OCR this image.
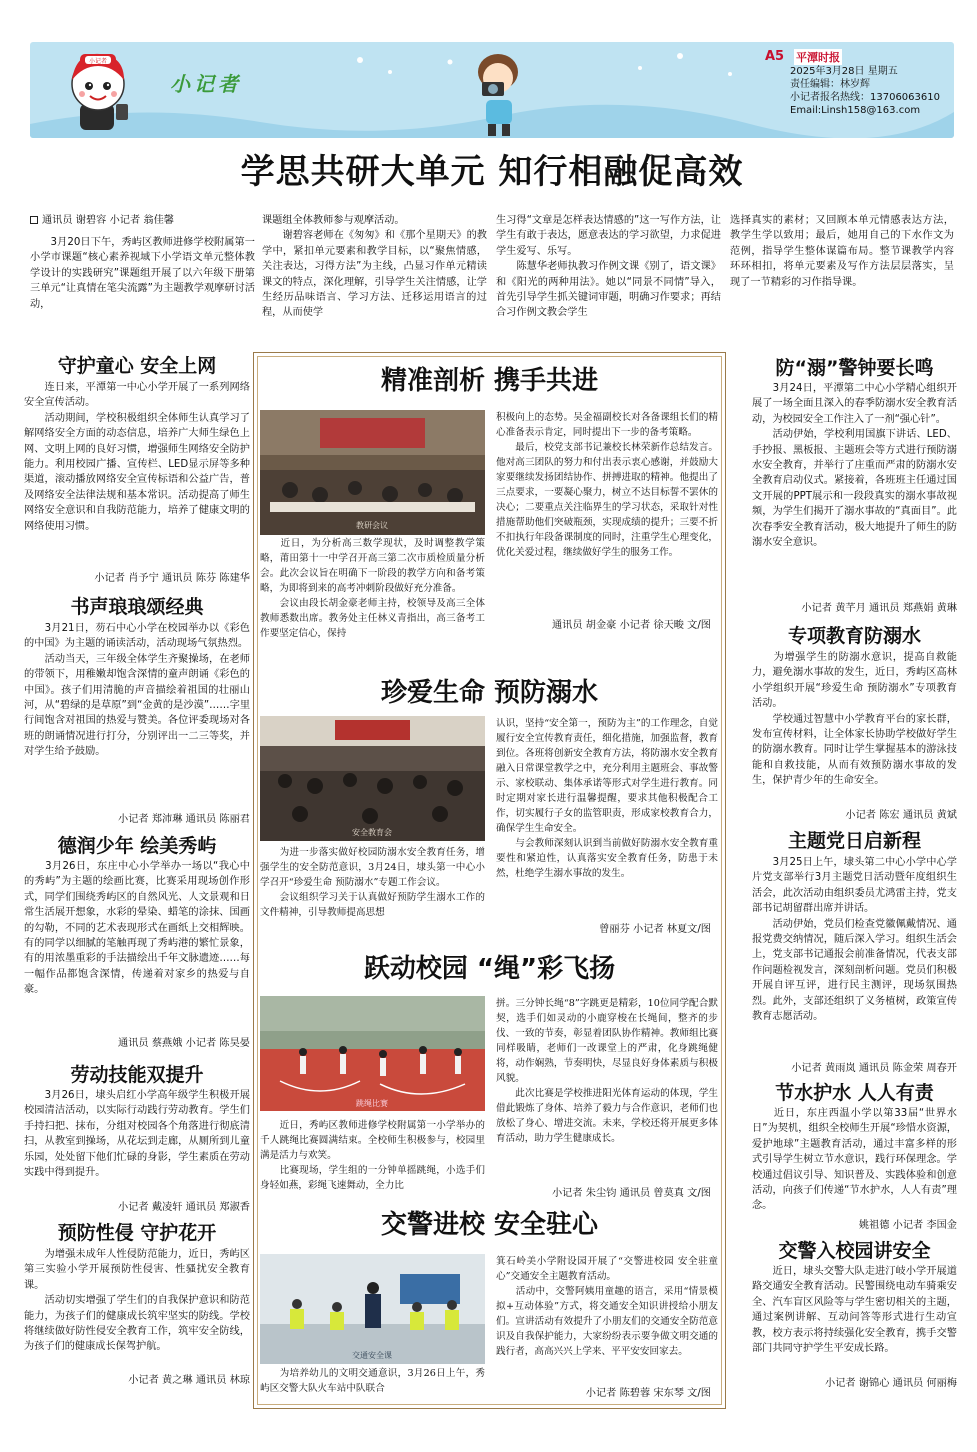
小记者
小记者
A5 平潭时报
2025年3月28日 星期五
责任编辑：林岁辉
小记者报名热线：13706063610
Email:Linsh158@163.com
学思共研大单元 知行相融促高效
通讯员 谢碧容 小记者 翁佳馨
　　3月20日下午，秀屿区教师进修学校附属第一小学市课题“核心素养视域下小学语文单元整体教学设计的实践研究”课题组开展了以六年级下册第三单元“让真情在笔尖流露”为主题教学观摩研讨活动，
课题组全体教师参与观摩活动。
　　谢碧容老师在《匆匆》和《那个星期天》的教学中，紧扣单元要素和教学目标，以“聚焦情感，关注表达，习得方法”为主线，凸显习作单元精读课文的特点，深化理解，引导学生关注情感，让学生经历品味语言、学习方法、迁移运用语言的过程，从而使学
生习得“文章是怎样表达情感的”这一写作方法，让学生有敢于表达，愿意表达的学习欲望，力求促进学生爱写、乐写。
　　陈慧华老师执教习作例文课《别了，语文课》和《阳光的两种用法》。她以“同景不同情”导入，首先引导学生抓关键词审题，明确习作要求；再结合习作例文教会学生
选择真实的素材；又回顾本单元情感表达方法，教学生学以致用；最后，她用自己的下水作文为范例，指导学生整体谋篇布局。整节课教学内容环环相扣，将单元要素及写作方法层层落实，呈现了一节精彩的习作指导课。
守护童心 安全上网
　　连日来，平潭第一中心小学开展了一系列网络安全宣传活动。
　　活动期间，学校积极组织全体师生认真学习了解网络安全方面的动态信息，培养广大师生绿色上网、文明上网的良好习惯，增强师生网络安全防护能力。利用校园广播、宣传栏、LED显示屏等多种渠道，滚动播放网络安全宣传标语和公益广告，普及网络安全法律法规和基本常识。活动提高了师生网络安全意识和自我防范能力，培养了健康文明的网络使用习惯。
小记者 肖予宁 通讯员 陈芬 陈建华
书声琅琅颂经典
　　3月21日，芴石中心小学在校园举办以《彩色的中国》为主题的诵读活动，活动现场气氛热烈。
　　活动当天，三年级全体学生齐聚操场，在老师的带领下，用稚嫩却饱含深情的童声朗诵《彩色的中国》。孩子们用清脆的声音描绘着祖国的壮丽山河，从“碧绿的是草原”到“金黄的是沙漠”……字里行间饱含对祖国的热爱与赞美。各位评委现场对各班的朗诵情况进行打分，分别评出一二三等奖，并对学生给予鼓励。
小记者 郑沛琳 通讯员 陈丽君
德润少年 绘美秀屿
　　3月26日，东庄中心小学举办一场以“我心中的秀屿”为主题的绘画比赛，比赛采用现场创作形式，同学们围绕秀屿区的自然风光、人文景观和日常生活展开想象，水彩的晕染、蜡笔的涂抹、国画的勾勒，不同的艺术表现形式在画纸上交相辉映。有的同学以细腻的笔触再现了秀屿港的繁忙景象，有的用浓墨重彩的手法描绘出千年文脉遗迹……每一幅作品都饱含深情，传递着对家乡的热爱与自豪。
通讯员 蔡燕娥 小记者 陈昊晏
劳动技能双提升
　　3月26日，埭头启红小学高年级学生积极开展校园清洁活动，以实际行动践行劳动教育。学生们手持扫把、抹布，分组对校园各个角落进行彻底清扫，从教室到操场，从花坛到走廊，从厕所到儿童乐园，处处留下他们忙碌的身影，学生素质在劳动实践中得到提升。
小记者 戴凌轩 通讯员 郑淑香
预防性侵 守护花开
　　为增强未成年人性侵防范能力，近日，秀屿区第三实验小学开展预防性侵害、性骚扰安全教育课。
　　活动切实增强了学生们的自我保护意识和防范能力，为孩子们的健康成长筑牢坚实的防线。学校将继续做好防性侵安全教育工作，筑牢安全防线，为孩子们的健康成长保驾护航。
小记者 黄之琳 通讯员 林琼
精准剖析 携手共进
教研会议
　　近日，为分析高三数学现状，及时调整教学策略，莆田第十一中学召开高三第二次市质检质量分析会。此次会议旨在明确下一阶段的教学方向和备考策略，为即将到来的高考冲刺阶段做好充分准备。
　　会议由段长胡金豪老师主持，校领导及高三全体教师悉数出席。教务处主任林义青指出，高三备考工作要坚定信心，保持
积极向上的态势。吴金福副校长对各备课组长们的精心准备表示肯定，同时提出下一步的备考策略。
　　最后，校党支部书记兼校长林荣新作总结发言。他对高三团队的努力和付出表示衷心感谢，并鼓励大家要继续发扬团结协作、拼搏进取的精神。他提出了三点要求，一要凝心聚力，树立不达目标誓不罢休的决心；二要重点关注临界生的学习状态，采取针对性措施帮助他们突破瓶颈，实现成绩的提升；三要不折不扣执行年段备课制度的同时，注重学生心理变化，优化关爱过程，继续做好学生的服务工作。
通讯员 胡金豪 小记者 徐天畯 文/图
珍爱生命 预防溺水
安全教育会
　　为进一步落实做好校园防溺水安全教育任务，增强学生的安全防范意识，3月24日，埭头第一中心小学召开“珍爱生命 预防溺水”专题工作会议。
　　会议组织学习关于认真做好预防学生溺水工作的文件精神，引导教师提高思想
认识，坚持“安全第一，预防为主”的工作理念，自觉履行安全宣传教育责任，细化措施，加强监督，教育到位。各班将创新安全教育方法，将防溺水安全教育融入日常课堂教学之中，充分利用主题班会、事故警示、家校联动、集体承诺等形式对学生进行教育。同时定期对家长进行温馨提醒，要求其他积极配合工作，切实履行子女的监管职责，形成家校教育合力，确保学生生命安全。
　　与会教师深刻认识到当前做好防溺水安全教育重要性和紧迫性，认真落实安全教育任务，防患于未然，杜绝学生溺水事故的发生。
曾丽芬 小记者 林夏文/图
跃动校园 “绳”彩飞扬
跳绳比赛
　　近日，秀屿区教师进修学校附属第一小学举办的千人跳绳比赛圆满结束。全校师生积极参与，校园里满是活力与欢笑。
　　比赛现场，学生组的一分钟单摇跳绳，小选手们身轻如燕，彩绳飞速舞动，全力比
拼。三分钟长绳“8”字跳更是精彩，10位同学配合默契，选手们如灵动的小鹿穿梭在长绳间，整齐的步伐、一致的节奏，彰显着团队协作精神。教师组比赛同样吸睛，老师们一改课堂上的严肃，化身跳绳健将，动作娴熟，节奏明快，尽显良好身体素质与积极风貌。
　　此次比赛是学校推进阳光体育运动的体现，学生借此锻炼了身体、培养了毅力与合作意识，老师们也放松了身心、增进交流。未来，学校还将开展更多体育活动，助力学生健康成长。
小记者 朱尘钧 通讯员 曾莫真 文/图
交警进校 安全驻心
交通安全课
　　为培养幼儿的文明交通意识，3月26日上午，秀屿区交警大队火车站中队联合
箕石岭美小学附设园开展了“交警进校园 安全驻童心”交通安全主题教育活动。
　　活动中，交警阿姨用童趣的语言，采用“情景模拟+互动体验”方式，将交通安全知识讲授给小朋友们。宣讲活动有效提升了小朋友们的交通安全防范意识及自我保护能力，大家纷纷表示要争做文明交通的践行者，高高兴兴上学来、平平安安回家去。
小记者 陈碧蓉 宋东琴 文/图
防“溺”警钟要长鸣
　　3月24日，平潭第二中心小学精心组织开展了一场全面且深入的春季防溺水安全教育活动，为校园安全工作注入了一剂“强心针”。
　　活动伊始，学校利用国旗下讲话、LED、手抄报、黑板报、主题班会等方式进行预防溺水安全教育，并举行了庄重而严肃的防溺水安全教育启动仪式。紧接着，各班班主任通过国文开展的PPT展示和一段段真实的溺水事故视频，为学生们揭开了溺水事故的“真面目”。此次春季安全教育活动，极大地提升了师生的防溺水安全意识。
小记者 黄芊月 通讯员 郑燕娟 黄琳
专项教育防溺水
　　为增强学生的防溺水意识，提高自救能力，避免溺水事故的发生，近日，秀屿区高林小学组织开展“珍爱生命 预防溺水”专项教育活动。
　　学校通过智慧中小学教育平台的家长群，发布宣传材料，让全体家长协助学校做好学生的防溺水教育。同时让学生掌握基本的游泳技能和自救技能，从而有效预防溺水事故的发生，保护青少年的生命安全。
小记者 陈宏 通讯员 黄斌
主题党日启新程
　　3月25日上午，埭头第二中心小学中心学片党支部举行3月主题党日活动暨年度组织生活会，此次活动由组织委员尤鸿雷主持，党支部书记胡留群出席并讲话。
　　活动伊始，党员们检查党徽佩戴情况、通报党费交纳情况，随后深入学习。组织生活会上，党支部书记通报会前准备情况，代表支部作问题检视发言，深刻剖析问题。党员们积极开展自评互评，进行民主测评，现场氛围热烈。此外，支部还组织了义务植树，政策宣传教育志愿活动。
小记者 黄雨岚 通讯员 陈金荣 周春开
节水护水 人人有责
　　近日，东庄西温小学以第33届“世界水日”为契机，组织全校师生开展“珍惜水资源，爱护地球”主题教育活动，通过丰富多样的形式引导学生树立节水意识，践行环保理念。学校通过倡议引导、知识普及、实践体验和创意活动，向孩子们传递“节水护水，人人有责”理念。
姚祖德 小记者 李国金
交警入校园讲安全
　　近日，埭头交警大队走进汀岐小学开展道路交通安全教育活动。民警围绕电动车骑乘安全、汽车盲区风险等与学生密切相关的主题，通过案例讲解、互动问答等形式进行生动宣教，校方表示将持续强化安全教育，携手交警部门共同守护学生平安成长路。
小记者 谢锦心 通讯员 何丽梅
